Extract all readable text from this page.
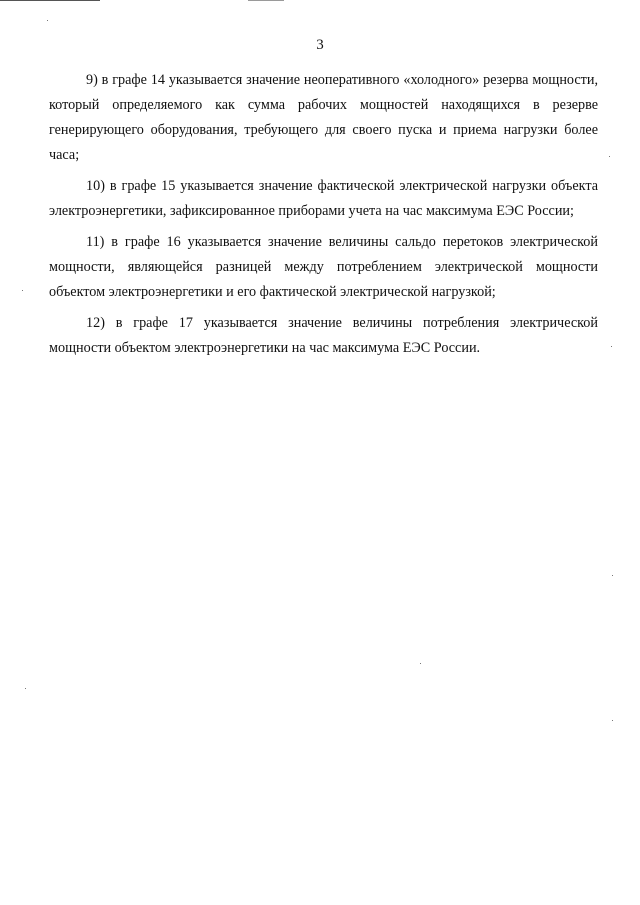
3

9) в графе 14 указывается значение неоперативного «холодного» резерва мощности, который определяемого как сумма рабочих мощностей находящихся в резерве генерирующего оборудования, требующего для своего пуска и приема нагрузки более часа;

10) в графе 15 указывается значение фактической электрической нагрузки объекта электроэнергетики, зафиксированное приборами учета на час максимума ЕЭС России;

11) в графе 16 указывается значение величины сальдо перетоков электрической мощности, являющейся разницей между потреблением электрической мощности объектом электроэнергетики и его фактической электрической нагрузкой;

12) в графе 17 указывается значение величины потребления электрической мощности объектом электроэнергетики на час максимума ЕЭС России.
